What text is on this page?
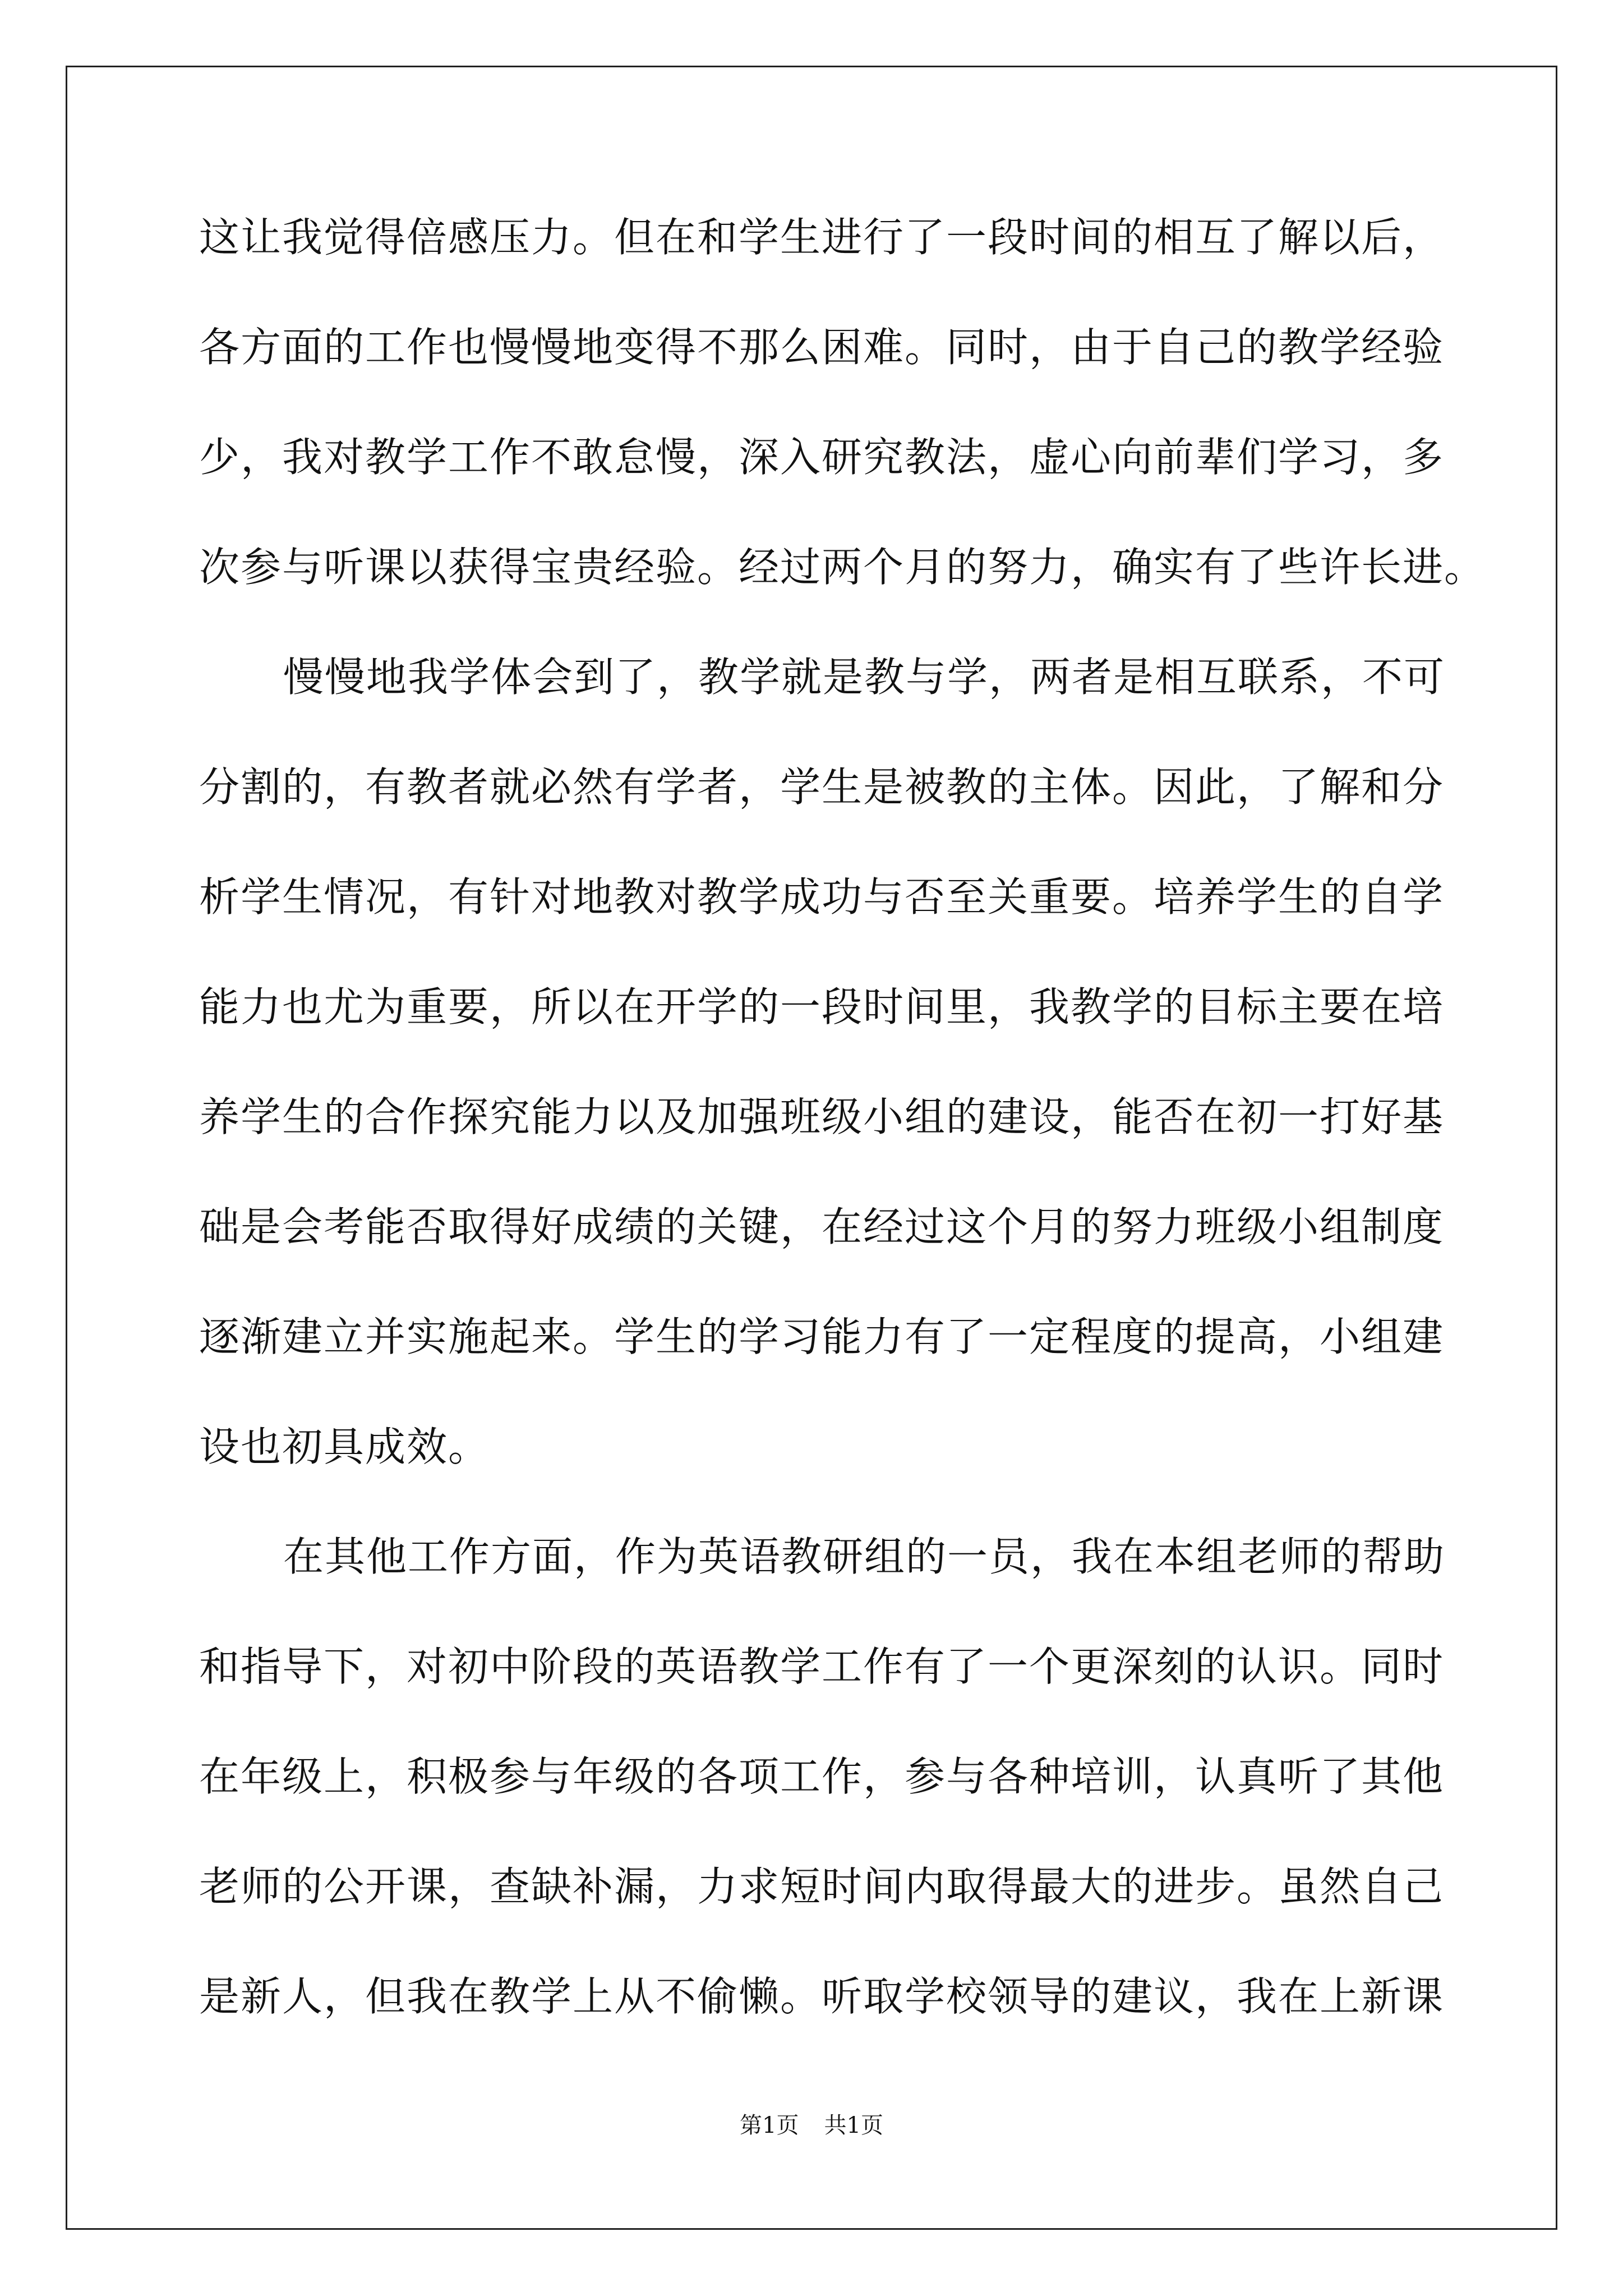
这让我觉得倍感压力。但在和学生进行了一段时间的相互了解以后，
各方面的工作也慢慢地变得不那么困难。同时，由于自己的教学经验
少，我对教学工作不敢怠慢，深入研究教法，虚心向前辈们学习，多
次参与听课以获得宝贵经验。经过两个月的努力，确实有了些许长进。
慢慢地我学体会到了，教学就是教与学，两者是相互联系，不可
分割的，有教者就必然有学者，学生是被教的主体。因此，了解和分
析学生情况，有针对地教对教学成功与否至关重要。培养学生的自学
能力也尤为重要，所以在开学的一段时间里，我教学的目标主要在培
养学生的合作探究能力以及加强班级小组的建设，能否在初一打好基
础是会考能否取得好成绩的关键，在经过这个月的努力班级小组制度
逐渐建立并实施起来。学生的学习能力有了一定程度的提高，小组建
设也初具成效。
在其他工作方面，作为英语教研组的一员，我在本组老师的帮助
和指导下，对初中阶段的英语教学工作有了一个更深刻的认识。同时
在年级上，积极参与年级的各项工作，参与各种培训，认真听了其他
老师的公开课，查缺补漏，力求短时间内取得最大的进步。虽然自己
是新人，但我在教学上从不偷懒。听取学校领导的建议，我在上新课
第1页 共1页
